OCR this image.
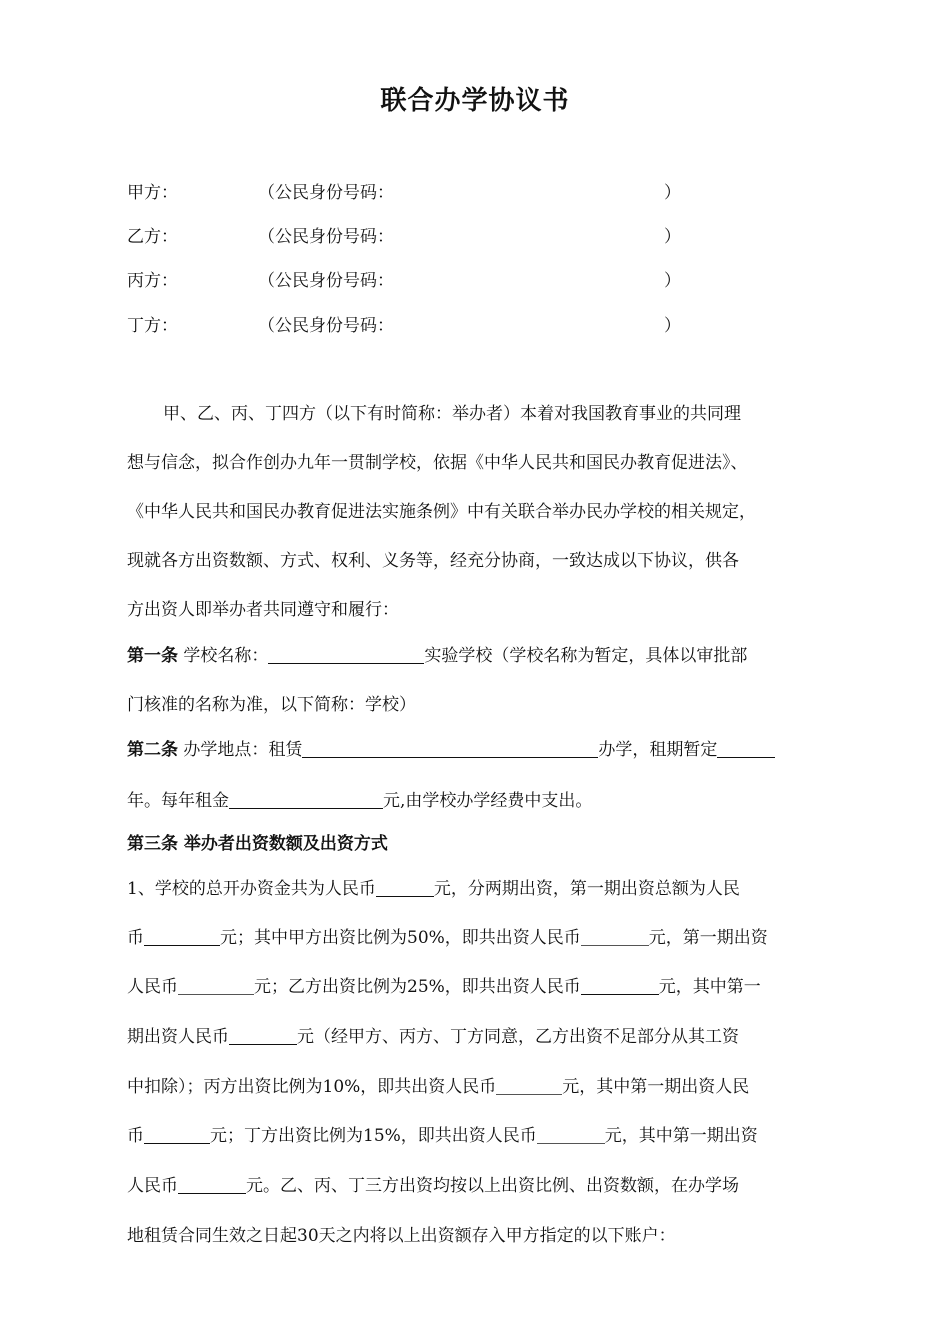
联合办学协议书
甲方：	（公民身份号码：	）
乙方：	（公民身份号码：	）
丙方：	（公民身份号码：	）
丁方：	（公民身份号码：	）
甲、乙、丙、丁四方（以下有时简称：举办者）本着对我国教育事业的共同理
想与信念，拟合作创办九年一贯制学校，依据《中华人民共和国民办教育促进法》、
《中华人民共和国民办教育促进法实施条例》中有关联合举办民办学校的相关规定，
现就各方出资数额、方式、权利、义务等，经充分协商，一致达成以下协议，供各
方出资人即举办者共同遵守和履行：
第一条 学校名称：	实验学校（学校名称为暂定，具体以审批部
门核准的名称为准，以下简称：学校）
第二条 办学地点：租赁	办学，租期暂定
年。每年租金	元,由学校办学经费中支出。
第三条 举办者出资数额及出资方式
1、学校的总开办资金共为人民币	元，分两期出资，第一期出资总额为人民
币	元；其中甲方出资比例为50%，即共出资人民币	元，第一期出资
人民币	元；乙方出资比例为25%，即共出资人民币	元，其中第一
期出资人民币	元（经甲方、丙方、丁方同意，乙方出资不足部分从其工资
中扣除）；丙方出资比例为10%，即共出资人民币	元，其中第一期出资人民
币	元；丁方出资比例为15%，即共出资人民币	元，其中第一期出资
人民币	元。乙、丙、丁三方出资均按以上出资比例、出资数额，在办学场
地租赁合同生效之日起30天之内将以上出资额存入甲方指定的以下账户：
